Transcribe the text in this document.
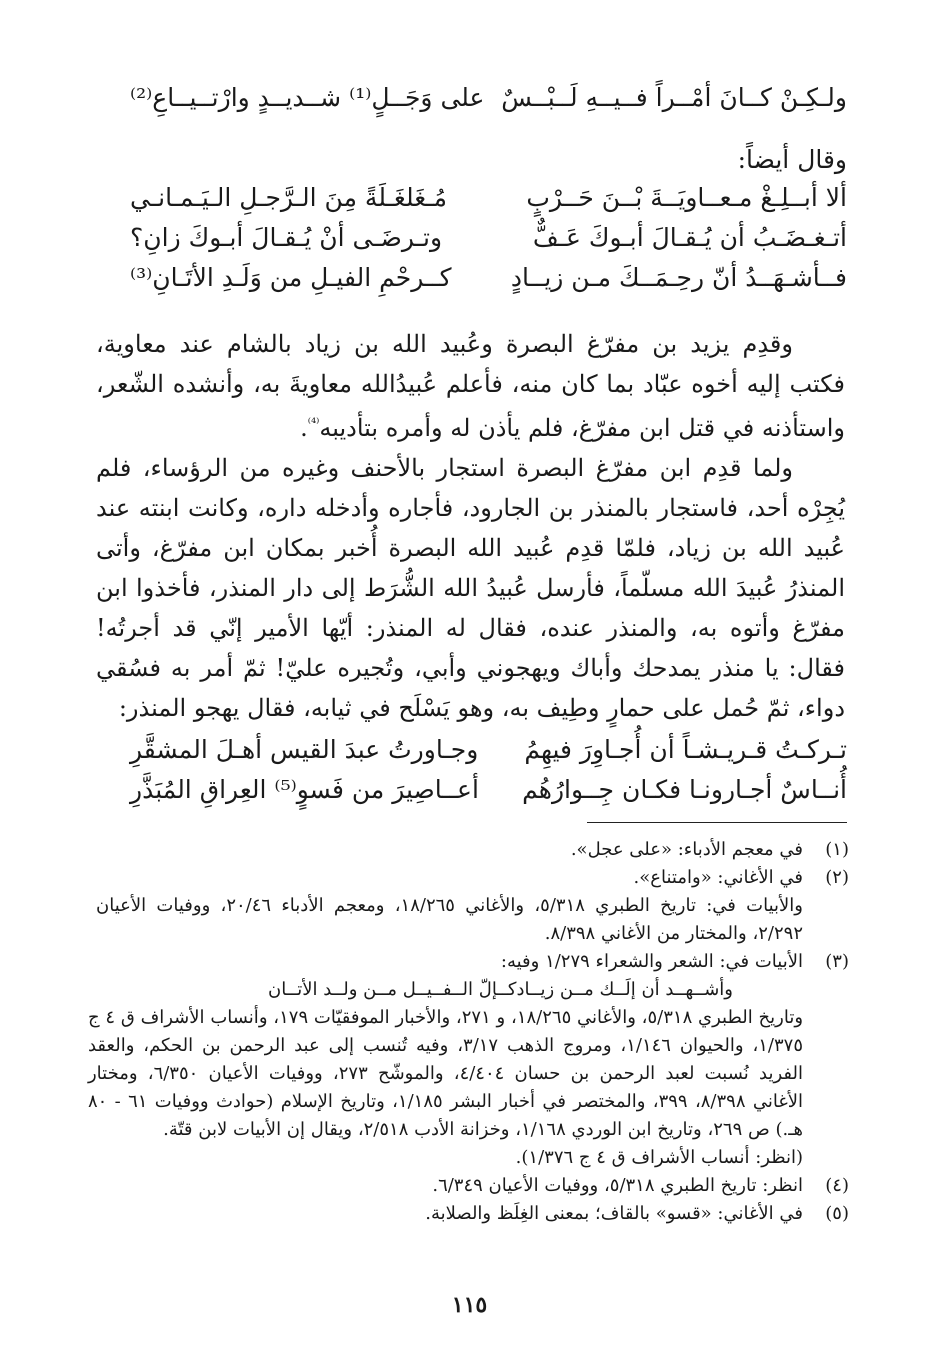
ولـكِـنْ كــانَ أمْــراً فــيــهِ لَــبْــسٌ
على وَجَــلٍ⁽¹⁾ شــديــدٍ وارْتــيــاعِ⁽²⁾
وقال أيضاً:
ألا أبــلِـغْ مـعــاويَــةَ بْــنَ حَــرْبٍ
مُـغَلغَـلَةً مِنَ الـرَّجـلِ الـيَـمـانـي
أتـغـضَـبُ أن يُـقـالَ أبـوكَ عَـفٌّ
وتـرضَـى أنْ يُـقـالَ أبـوكَ زانِ؟
فــأشـهَــدُ أنّ رحِـمَــكَ مـن زيــادٍ
كــرحْمِ الفيـلِ من وَلَـدِ الأتَـانِ⁽³⁾
وقدِم يزيد بن مفرّغ البصرة وعُبيد الله بن زياد بالشام عند معاوية، فكتب إليه أخوه عبّاد بما كان منه، فأعلم عُبيدُالله معاويةَ به، وأنشده الشّعر، واستأذنه في قتل ابن مفرّغ، فلم يأذن له وأمره بتأديبه$^{^{(4)}}$.
ولما قدِم ابن مفرّغ البصرة استجار بالأحنف وغيره من الرؤساء، فلم يُجِرْه أحد، فاستجار بالمنذر بن الجارود، فأجاره وأدخله داره، وكانت ابنته عند عُبيد الله بن زياد، فلمّا قدِم عُبيد الله البصرة أُخبر بمكان ابن مفرّغ، وأتى المنذرُ عُبيدَ الله مسلّماً، فأرسل عُبيدُ الله الشُّرَط إلى دار المنذر، فأخذوا ابن مفرّغ وأتوه به، والمنذر عنده، فقال له المنذر: أيّها الأمير إنّي قد أجرتُه! فقال: يا منذر يمدحك وأباك ويهجوني وأبي، وتُجيره عليّ! ثمّ أمر به فسُقي دواء، ثمّ حُمل على حمارٍ وطِيف به، وهو يَسْلَح في ثيابه، فقال يهجو المنذر:
تـركـتُ قـريـشـاً أن أُجـاوِرَ فيهِمُ
وجـاورتُ عبدَ القيس أهـلَ المشقَّرِ
أُنــاسٌ أجـارونـا فكـان جِــوارُهُم
أعــاصِيرَ من فَسوٍ⁽⁵⁾ العِراقِ المُبَذَّرِ
(١)

في معجم الأدباء: «على عجل».

(٢)

في الأغاني: «وامتناع».

والأبيات في: تاريخ الطبري ٥/٣١٨، والأغاني ١٨/٢٦٥، ومعجم الأدباء ٢٠/٤٦، ووفيات الأعيان ٢/٢٩٢، والمختار من الأغاني ٨/٣٩٨.

(٣)

الأبيات في: الشعر والشعراء ١/٢٧٩ وفيه:

وأشــهــد أن إلَــك مــن زيــاد
كــإلّ الــفــيــل مــن ولــد الأتــان

وتاريخ الطبري ٥/٣١٨، والأغاني ١٨/٢٦٥، و ٢٧١، والأخبار الموفقيّات ١٧٩، وأنساب الأشراف ق ٤ ج ١/٣٧٥، والحيوان ١/١٤٦، ومروج الذهب ٣/١٧، وفيه تُنسب إلى عبد الرحمن بن الحكم، والعقد الفريد نُسبت لعبد الرحمن بن حسان ٤/٤٠٤، والموشّح ٢٧٣، ووفيات الأعيان ٦/٣٥٠، ومختار الأغاني ٨/٣٩٨، ٣٩٩، والمختصر في أخبار البشر ١/١٨٥، وتاريخ الإسلام (حوادث ووفيات ٦١ - ٨٠ هـ.) ص ٢٦٩، وتاريخ ابن الوردي ١/١٦٨، وخزانة الأدب ٢/٥١٨، ويقال إن الأبيات لابن قتّة.

(انظر: أنساب الأشراف ق ٤ ج ١/٣٧٦).

(٤)

انظر: تاريخ الطبري ٥/٣١٨، ووفيات الأعيان ٦/٣٤٩.

(٥)

في الأغاني: «قسو» بالقاف؛ بمعنى الغِلَظ والصلابة.

١١٥
